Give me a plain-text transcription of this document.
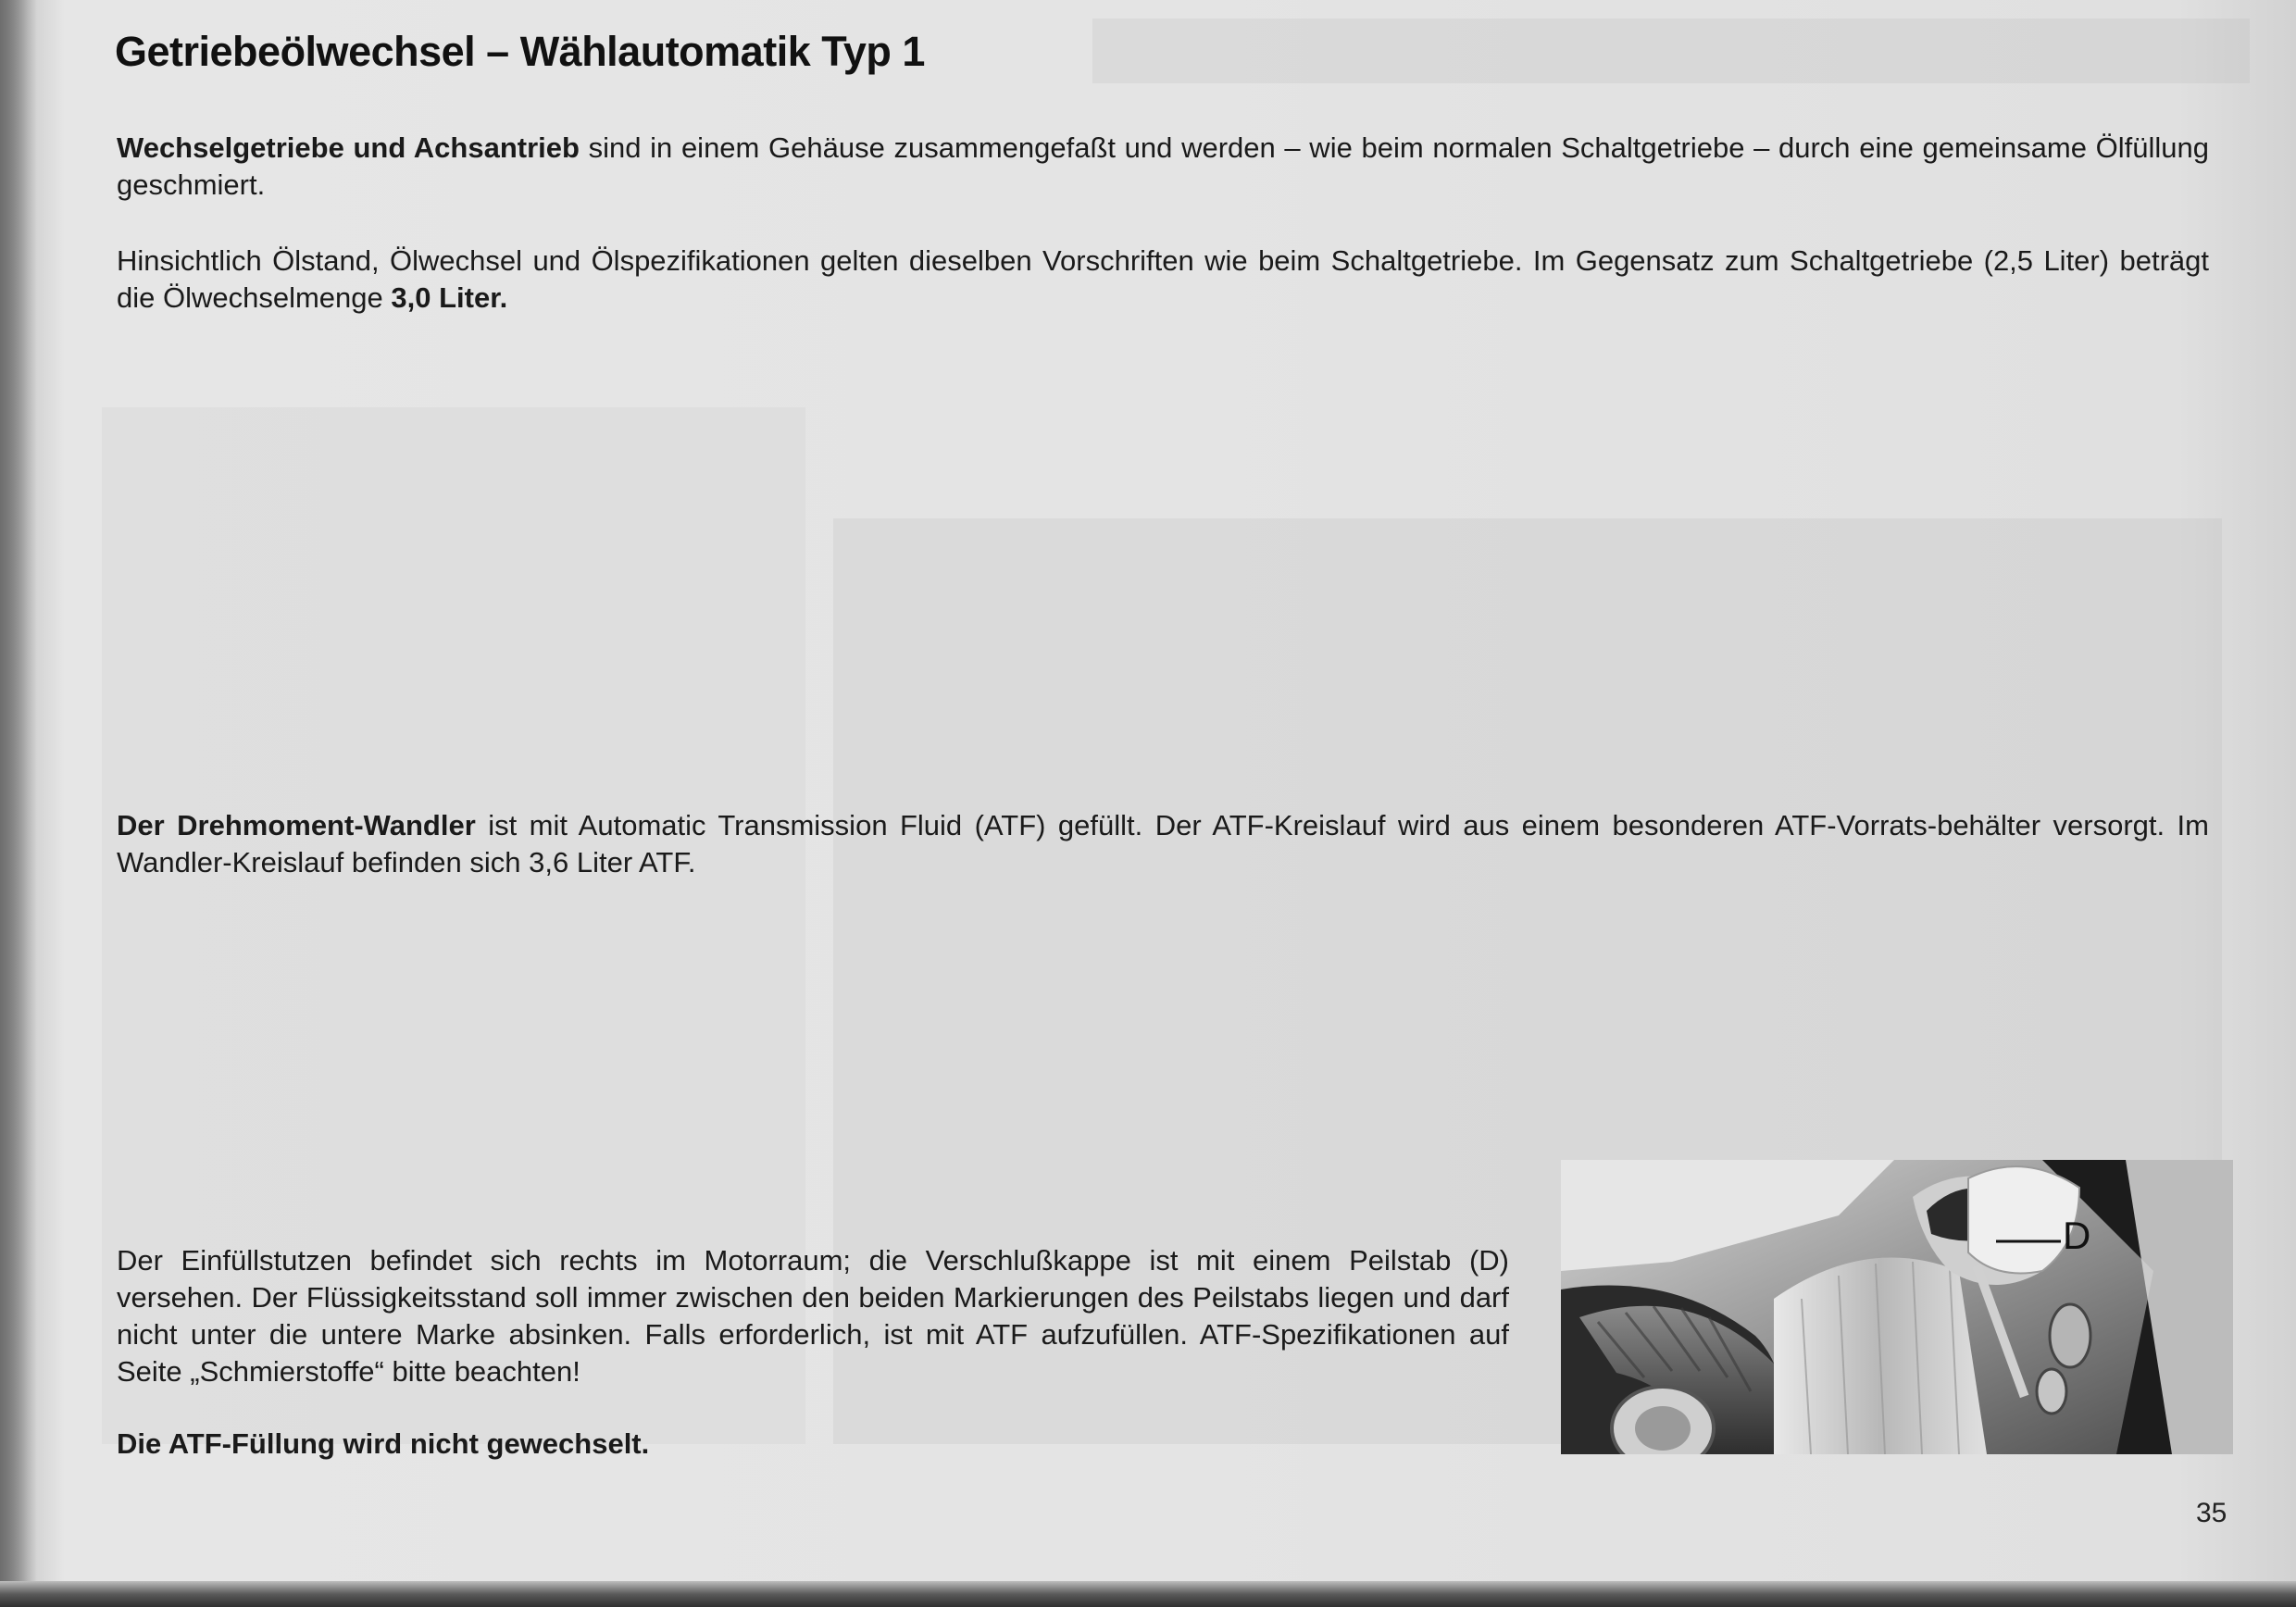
Getriebeölwechsel – Wählautomatik Typ 1

Wechselgetriebe und Achsantrieb sind in einem Gehäuse zusammengefaßt und werden – wie beim normalen Schaltgetriebe – durch eine gemeinsame Ölfüllung geschmiert.

Hinsichtlich Ölstand, Ölwechsel und Ölspezifikationen gelten dieselben Vorschriften wie beim Schaltgetriebe. Im Gegensatz zum Schaltgetriebe (2,5 Liter) beträgt die Ölwechselmenge 3,0 Liter.

Der Drehmoment-Wandler ist mit Automatic Transmission Fluid (ATF) gefüllt. Der ATF-Kreislauf wird aus einem besonderen ATF-Vorrats-behälter versorgt. Im Wandler-Kreislauf befinden sich 3,6 Liter ATF.

Der Einfüllstutzen befindet sich rechts im Motorraum; die Verschlußkappe ist mit einem Peilstab (D) versehen. Der Flüssigkeitsstand soll immer zwischen den beiden Markierungen des Peilstabs liegen und darf nicht unter die untere Marke absinken. Falls erforderlich, ist mit ATF aufzufüllen. ATF-Spezifikationen auf Seite „Schmierstoffe“ bitte beachten!

Die ATF-Füllung wird nicht gewechselt.

D
35
